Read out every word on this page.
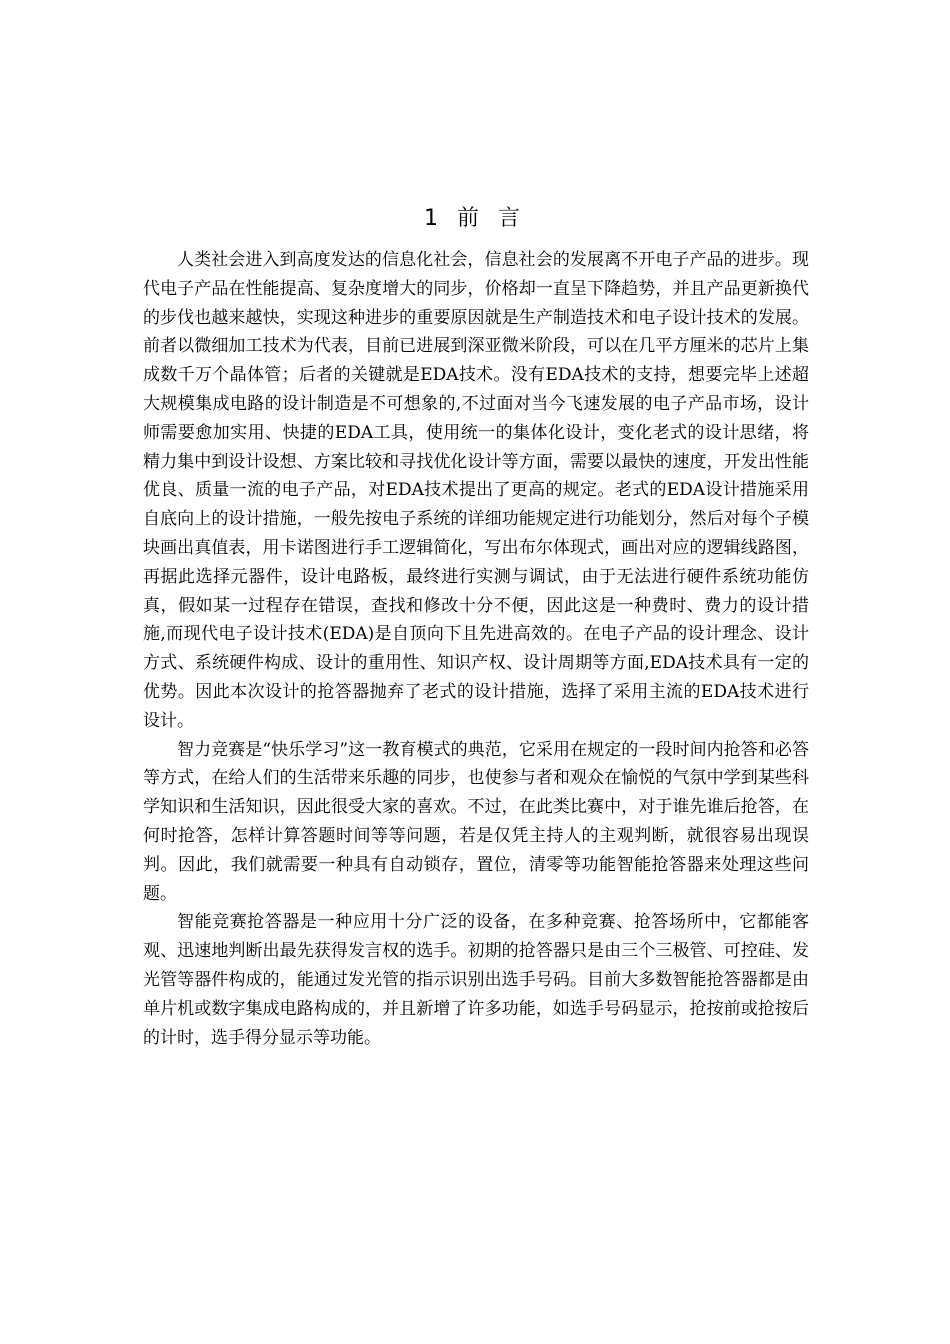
1 前 言

人类社会进入到高度发达的信息化社会，信息社会的发展离不开电子产品的进步。现代电子产品在性能提高、复杂度增大的同步，价格却一直呈下降趋势，并且产品更新换代的步伐也越来越快，实现这种进步的重要原因就是生产制造技术和电子设计技术的发展。前者以微细加工技术为代表，目前已进展到深亚微米阶段，可以在几平方厘米的芯片上集成数千万个晶体管；后者的关键就是EDA技术。没有EDA技术的支持，想要完毕上述超大规模集成电路的设计制造是不可想象的,不过面对当今飞速发展的电子产品市场，设计师需要愈加实用、快捷的EDA工具，使用统一的集体化设计，变化老式的设计思绪，将精力集中到设计设想、方案比较和寻找优化设计等方面，需要以最快的速度，开发出性能优良、质量一流的电子产品，对EDA技术提出了更高的规定。老式的EDA设计措施采用自底向上的设计措施，一般先按电子系统的详细功能规定进行功能划分，然后对每个子模块画出真值表，用卡诺图进行手工逻辑简化，写出布尔体现式，画出对应的逻辑线路图，再据此选择元器件，设计电路板，最终进行实测与调试，由于无法进行硬件系统功能仿真，假如某一过程存在错误，查找和修改十分不便，因此这是一种费时、费力的设计措施,而现代电子设计技术(EDA)是自顶向下且先进高效的。在电子产品的设计理念、设计方式、系统硬件构成、设计的重用性、知识产权、设计周期等方面,EDA技术具有一定的优势。因此本次设计的抢答器抛弃了老式的设计措施，选择了采用主流的EDA技术进行设计。

智力竞赛是“快乐学习”这一教育模式的典范，它采用在规定的一段时间内抢答和必答等方式，在给人们的生活带来乐趣的同步，也使参与者和观众在愉悦的气氛中学到某些科学知识和生活知识，因此很受大家的喜欢。不过，在此类比赛中，对于谁先谁后抢答，在何时抢答，怎样计算答题时间等等问题，若是仅凭主持人的主观判断，就很容易出现误判。因此，我们就需要一种具有自动锁存，置位，清零等功能智能抢答器来处理这些问题。

智能竞赛抢答器是一种应用十分广泛的设备，在多种竞赛、抢答场所中，它都能客观、迅速地判断出最先获得发言权的选手。初期的抢答器只是由三个三极管、可控硅、发光管等器件构成的，能通过发光管的指示识别出选手号码。目前大多数智能抢答器都是由单片机或数字集成电路构成的，并且新增了许多功能，如选手号码显示，抢按前或抢按后的计时，选手得分显示等功能。
